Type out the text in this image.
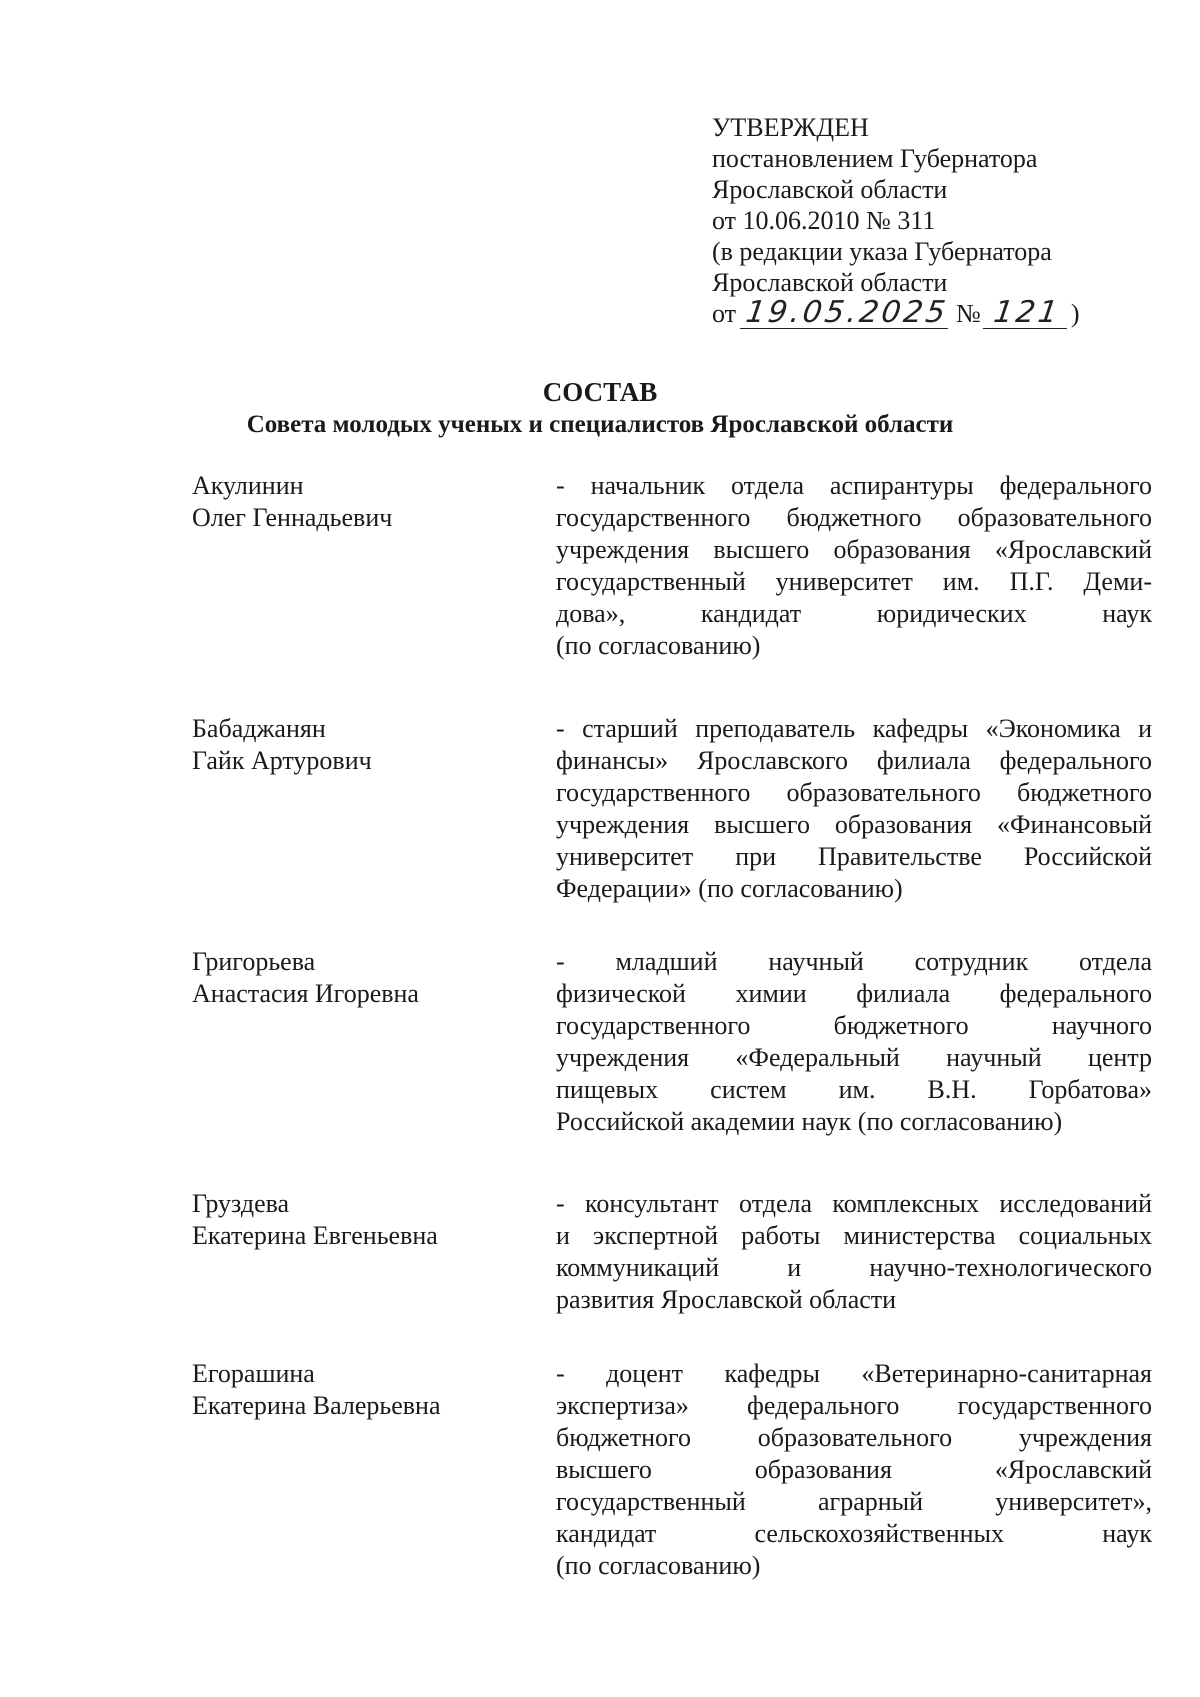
УТВЕРЖДЕН
постановлением Губернатора
Ярославской области
от 10.06.2010 № 311
(в редакции указа Губернатора
Ярославской области
от 19.05.2025 № 121 )
СОСТАВ
Совета молодых ученых и специалистов Ярославской области
Акулинин
Олег Геннадьевич
- начальник отдела аспирантуры федерального
государственного бюджетного образовательного
учреждения высшего образования «Ярославский
государственный университет им. П.Г. Деми-
дова», кандидат юридических наук
(по согласованию)
Бабаджанян
Гайк Артурович
- старший преподаватель кафедры «Экономика и
финансы» Ярославского филиала федерального
государственного образовательного бюджетного
учреждения высшего образования «Финансовый
университет при Правительстве Российской
Федерации» (по согласованию)
Григорьева
Анастасия Игоревна
- младший научный сотрудник отдела
физической химии филиала федерального
государственного бюджетного научного
учреждения «Федеральный научный центр
пищевых систем им. В.Н. Горбатова»
Российской академии наук (по согласованию)
Груздева
Екатерина Евгеньевна
- консультант отдела комплексных исследований
и экспертной работы министерства социальных
коммуникаций и научно-технологического
развития Ярославской области
Егорашина
Екатерина Валерьевна
- доцент кафедры «Ветеринарно-санитарная
экспертиза» федерального государственного
бюджетного образовательного учреждения
высшего образования «Ярославский
государственный аграрный университет»,
кандидат сельскохозяйственных наук
(по согласованию)
